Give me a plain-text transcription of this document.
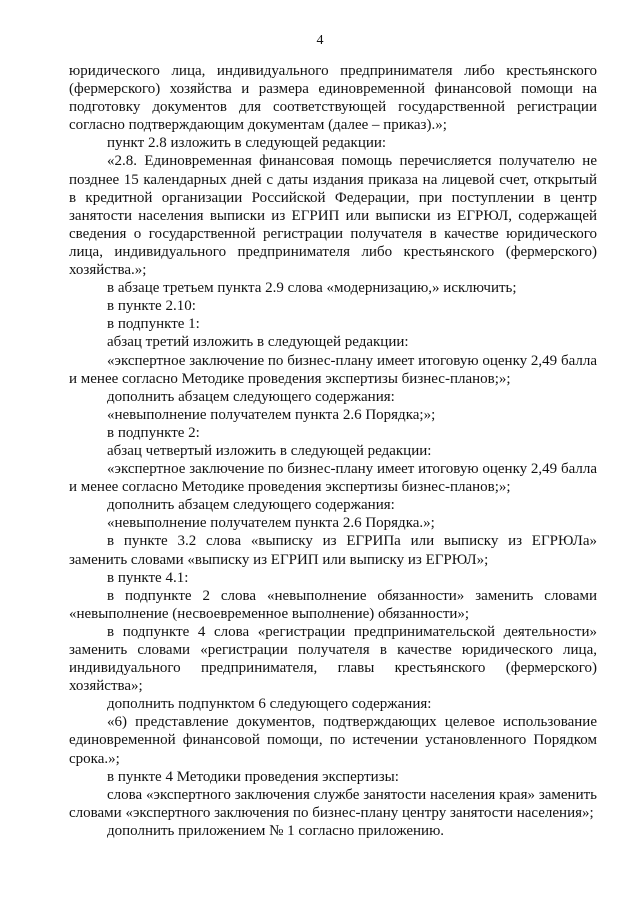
4

юридического лица, индивидуального предпринимателя либо крестьянского (фермерского) хозяйства и размера единовременной финансовой помощи на подготовку документов для соответствующей государственной регистрации согласно подтверждающим документам (далее – приказ).»;

пункт 2.8 изложить в следующей редакции:

«2.8. Единовременная финансовая помощь перечисляется получателю не позднее 15 календарных дней с даты издания приказа на лицевой счет, открытый в кредитной организации Российской Федерации, при поступлении в центр занятости населения выписки из ЕГРИП или выписки из ЕГРЮЛ, содержащей сведения о государственной регистрации получателя в качестве юридического лица, индивидуального предпринимателя либо крестьянского (фермерского) хозяйства.»;

в абзаце третьем пункта 2.9 слова «модернизацию,» исключить;

в пункте 2.10:

в подпункте 1:

абзац третий изложить в следующей редакции:

«экспертное заключение по бизнес-плану имеет итоговую оценку 2,49 балла и менее согласно Методике проведения экспертизы бизнес-планов;»;

дополнить абзацем следующего содержания:

«невыполнение получателем пункта 2.6 Порядка;»;

в подпункте 2:

абзац четвертый изложить в следующей редакции:

«экспертное заключение по бизнес-плану имеет итоговую оценку 2,49 балла и менее согласно Методике проведения экспертизы бизнес-планов;»;

дополнить абзацем следующего содержания:

«невыполнение получателем пункта 2.6 Порядка.»;

в пункте 3.2 слова «выписку из ЕГРИПа или выписку из ЕГРЮЛа» заменить словами «выписку из ЕГРИП или выписку из ЕГРЮЛ»;

в пункте 4.1:

в подпункте 2 слова «невыполнение обязанности» заменить словами «невыполнение (несвоевременное выполнение) обязанности»;

в подпункте 4 слова «регистрации предпринимательской деятельности» заменить словами «регистрации получателя в качестве юридического лица, индивидуального предпринимателя, главы крестьянского (фермерского) хозяйства»;

дополнить подпунктом 6 следующего содержания:

«6) представление документов, подтверждающих целевое использование единовременной финансовой помощи, по истечении установленного Порядком срока.»;

в пункте 4 Методики проведения экспертизы:

слова «экспертного заключения службе занятости населения края» заменить словами «экспертного заключения по бизнес-плану центру занятости населения»;

дополнить приложением № 1 согласно приложению.
